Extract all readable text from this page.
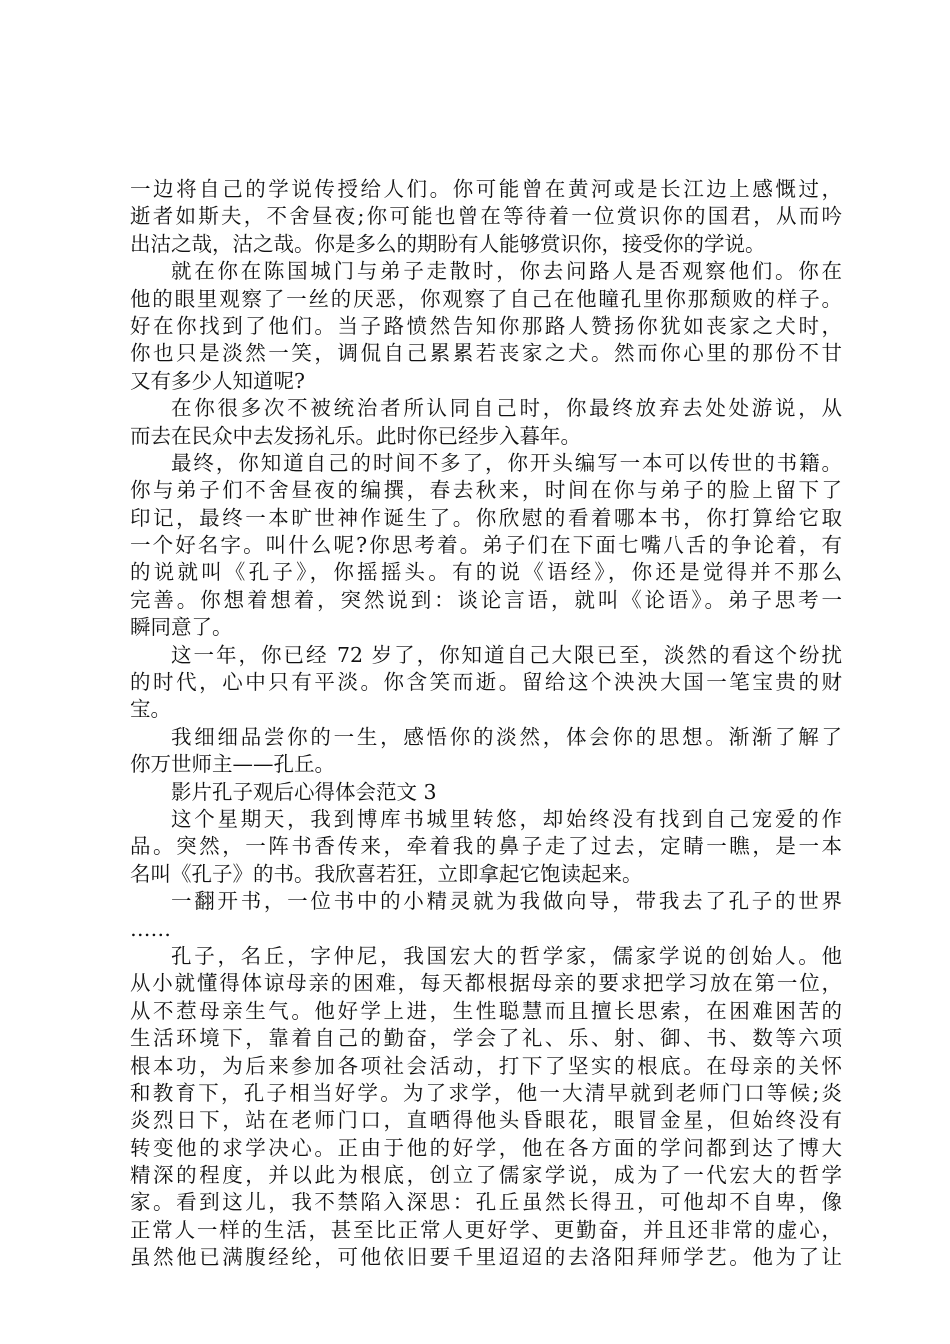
一边将自己的学说传授给人们。你可能曾在黄河或是长江边上感慨过，
逝者如斯夫，不舍昼夜;你可能也曾在等待着一位赏识你的国君，从而吟
出沽之哉，沽之哉。你是多么的期盼有人能够赏识你，接受你的学说。
就在你在陈国城门与弟子走散时，你去问路人是否观察他们。你在
他的眼里观察了一丝的厌恶，你观察了自己在他瞳孔里你那颓败的样子。
好在你找到了他们。当子路愤然告知你那路人赞扬你犹如丧家之犬时，
你也只是淡然一笑，调侃自己累累若丧家之犬。然而你心里的那份不甘
又有多少人知道呢?
在你很多次不被统治者所认同自己时，你最终放弃去处处游说，从
而去在民众中去发扬礼乐。此时你已经步入暮年。
最终，你知道自己的时间不多了，你开头编写一本可以传世的书籍。
你与弟子们不舍昼夜的编撰，春去秋来，时间在你与弟子的脸上留下了
印记，最终一本旷世神作诞生了。你欣慰的看着哪本书，你打算给它取
一个好名字。叫什么呢?你思考着。弟子们在下面七嘴八舌的争论着，有
的说就叫《孔子》，你摇摇头。有的说《语经》，你还是觉得并不那么
完善。你想着想着，突然说到：谈论言语，就叫《论语》。弟子思考一
瞬同意了。
这一年，你已经 72 岁了，你知道自己大限已至，淡然的看这个纷扰
的时代，心中只有平淡。你含笑而逝。留给这个泱泱大国一笔宝贵的财
宝。
我细细品尝你的一生，感悟你的淡然，体会你的思想。渐渐了解了
你万世师主——孔丘。
影片孔子观后心得体会范文 3
这个星期天，我到博库书城里转悠，却始终没有找到自己宠爱的作
品。突然，一阵书香传来，牵着我的鼻子走了过去，定睛一瞧，是一本
名叫《孔子》的书。我欣喜若狂，立即拿起它饱读起来。
一翻开书，一位书中的小精灵就为我做向导，带我去了孔子的世界
……
孔子，名丘，字仲尼，我国宏大的哲学家，儒家学说的创始人。他
从小就懂得体谅母亲的困难，每天都根据母亲的要求把学习放在第一位，
从不惹母亲生气。他好学上进，生性聪慧而且擅长思索，在困难困苦的
生活环境下，靠着自己的勤奋，学会了礼、乐、射、御、书、数等六项
根本功，为后来参加各项社会活动，打下了坚实的根底。在母亲的关怀
和教育下，孔子相当好学。为了求学，他一大清早就到老师门口等候;炎
炎烈日下，站在老师门口，直晒得他头昏眼花，眼冒金星，但始终没有
转变他的求学决心。正由于他的好学，他在各方面的学问都到达了博大
精深的程度，并以此为根底，创立了儒家学说，成为了一代宏大的哲学
家。看到这儿，我不禁陷入深思：孔丘虽然长得丑，可他却不自卑，像
正常人一样的生活，甚至比正常人更好学、更勤奋，并且还非常的虚心，
虽然他已满腹经纶，可他依旧要千里迢迢的去洛阳拜师学艺。他为了让
